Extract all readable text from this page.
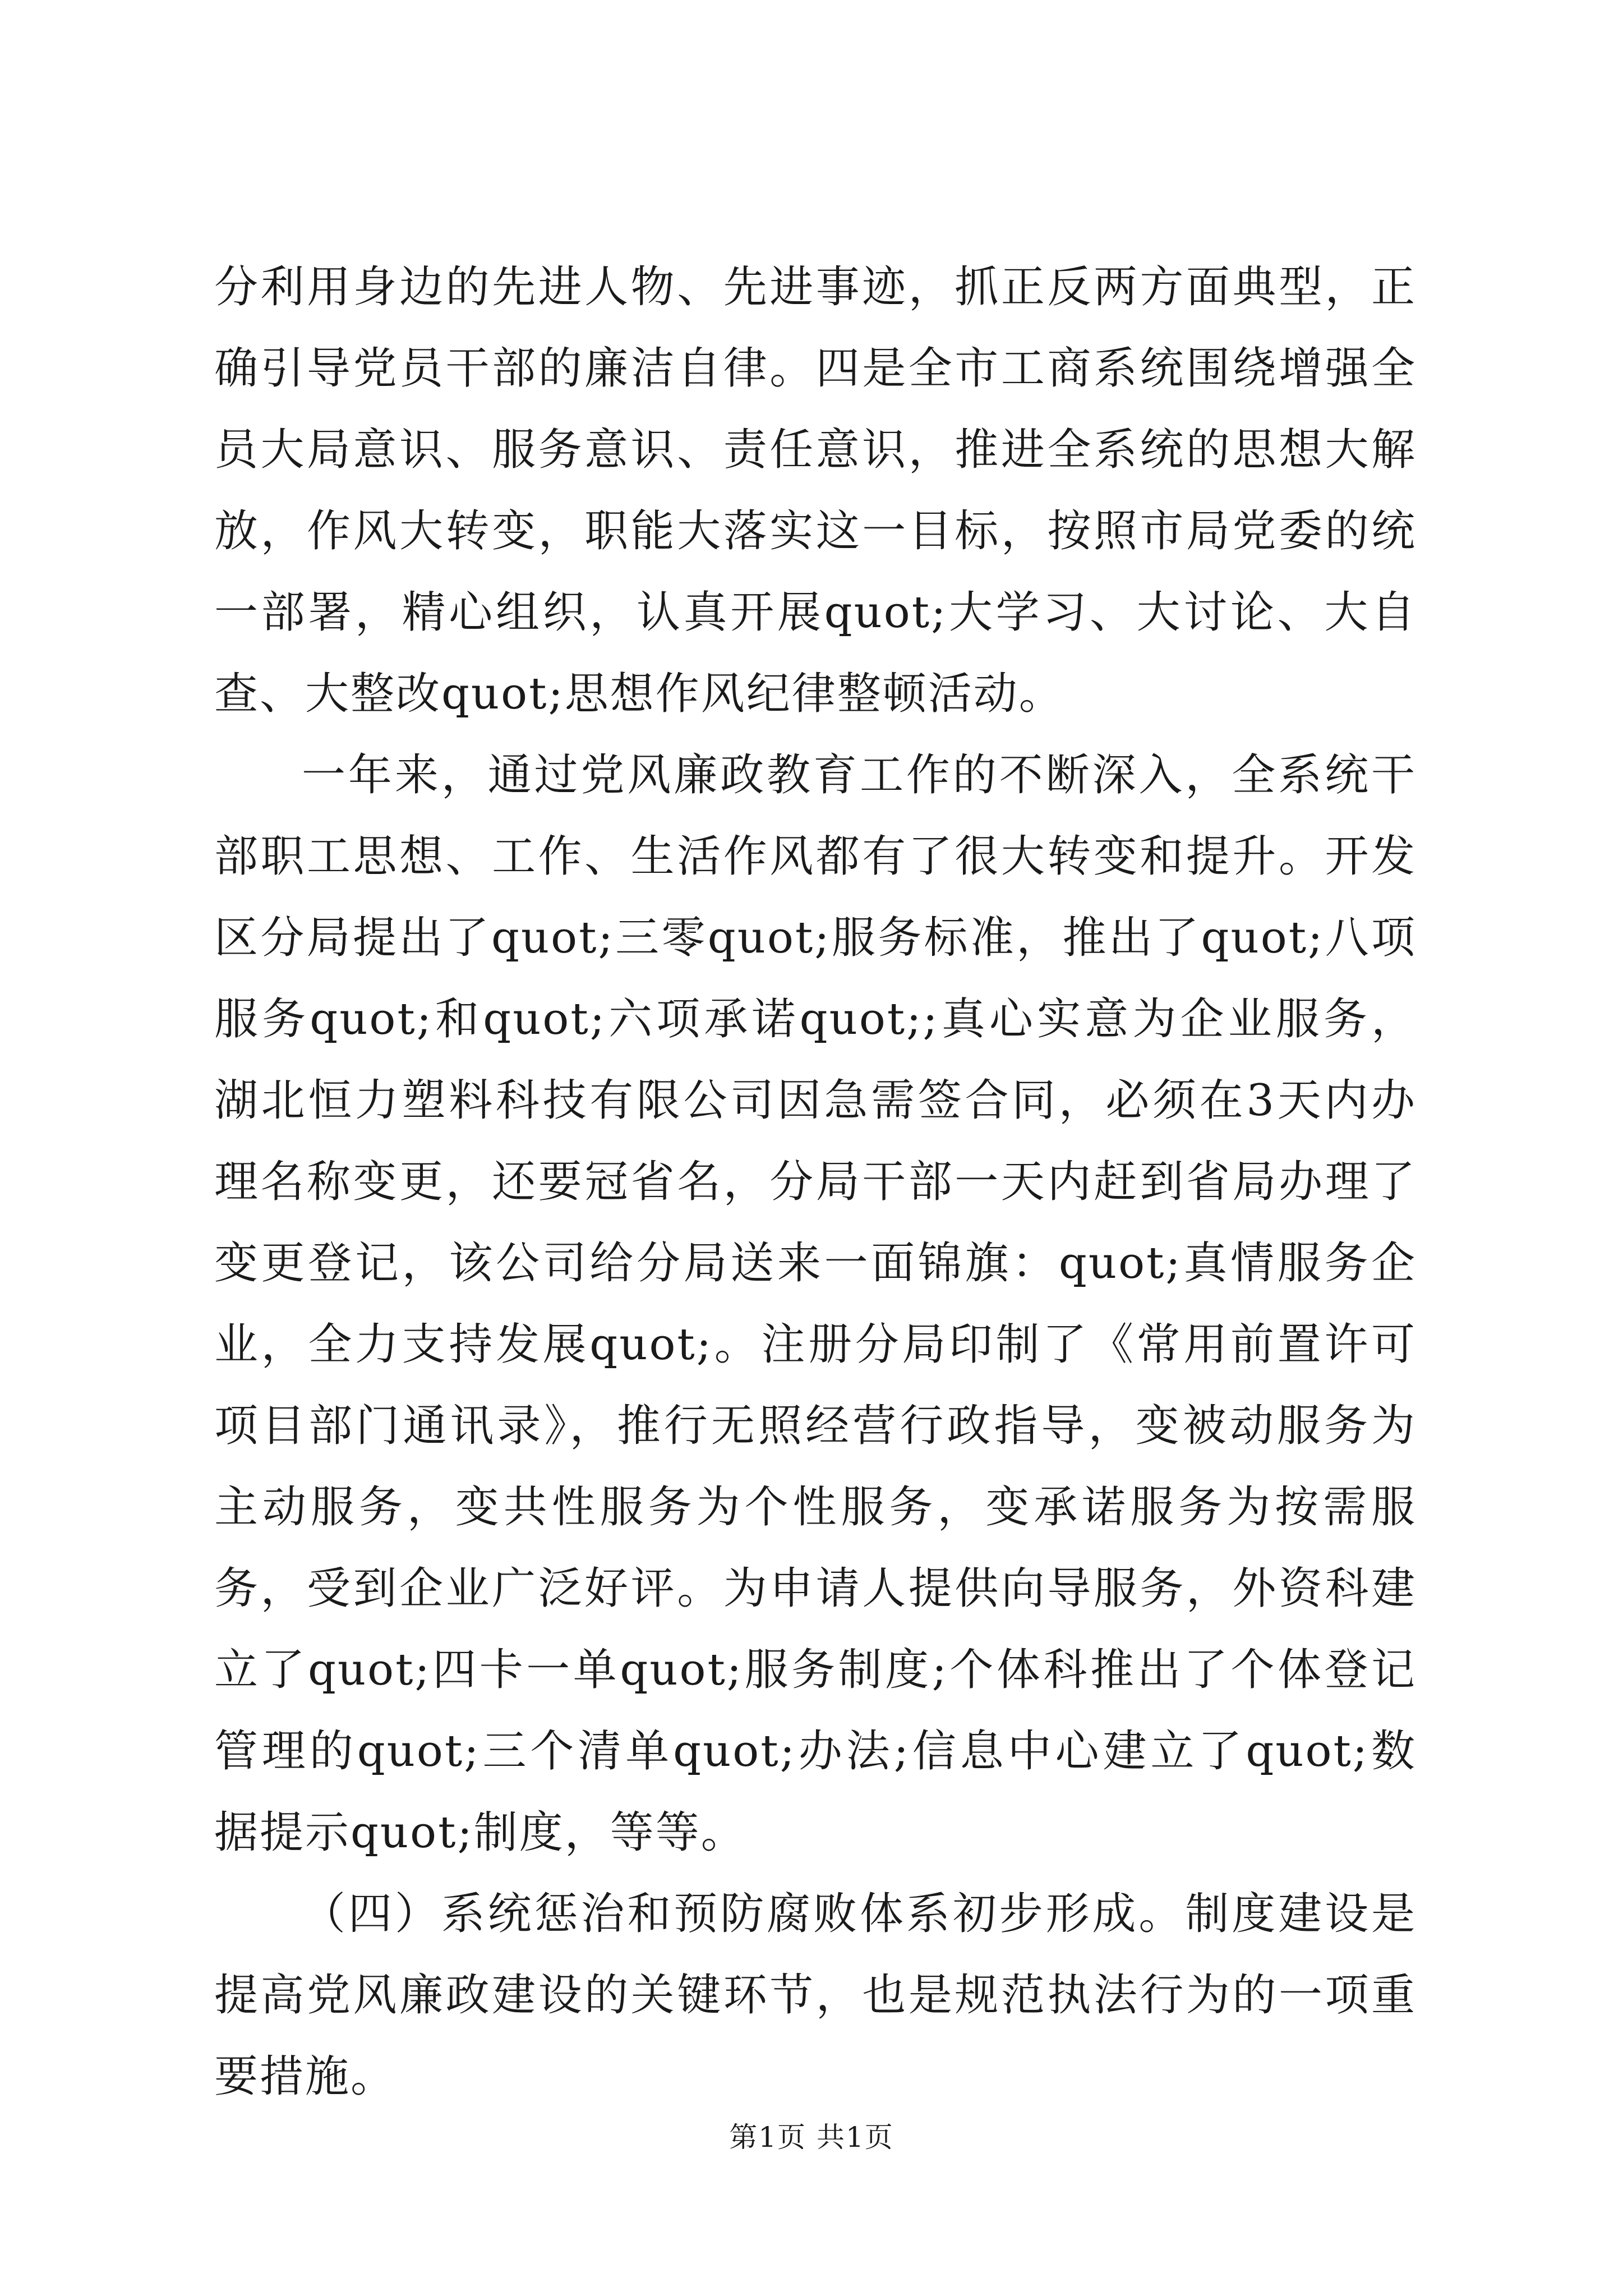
分利用身边的先进人物、先进事迹，抓正反两方面典型，正确引导党员干部的廉洁自律。四是全市工商系统围绕增强全员大局意识、服务意识、责任意识，推进全系统的思想大解放，作风大转变，职能大落实这一目标，按照市局党委的统一部署，精心组织，认真开展quot;大学习、大讨论、大自查、大整改quot;思想作风纪律整顿活动。

一年来，通过党风廉政教育工作的不断深入，全系统干部职工思想、工作、生活作风都有了很大转变和提升。开发区分局提出了quot;三零quot;服务标准，推出了quot;八项服务quot;和quot;六项承诺quot;;真心实意为企业服务，湖北恒力塑料科技有限公司因急需签合同，必须在3天内办理名称变更，还要冠省名，分局干部一天内赶到省局办理了变更登记，该公司给分局送来一面锦旗：quot;真情服务企业，全力支持发展quot;。注册分局印制了《常用前置许可项目部门通讯录》，推行无照经营行政指导，变被动服务为主动服务，变共性服务为个性服务，变承诺服务为按需服务，受到企业广泛好评。为申请人提供向导服务，外资科建立了quot;四卡一单quot;服务制度;个体科推出了个体登记管理的quot;三个清单quot;办法;信息中心建立了quot;数据提示quot;制度，等等。

（四）系统惩治和预防腐败体系初步形成。制度建设是提高党风廉政建设的关键环节，也是规范执法行为的一项重要措施。

第1页 共1页
